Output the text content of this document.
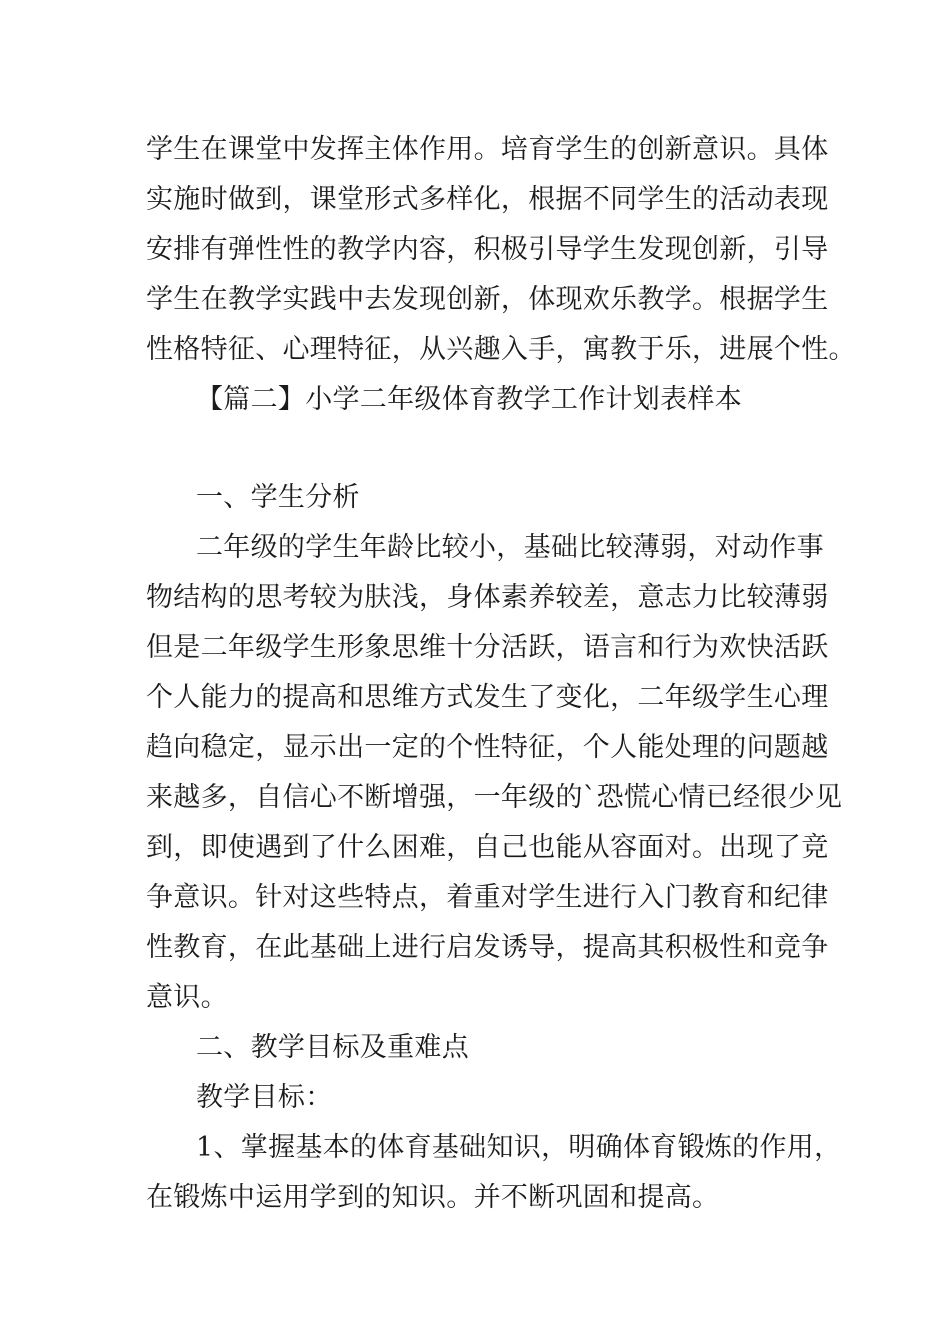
学生在课堂中发挥主体作用。培育学生的创新意识。具体
实施时做到，课堂形式多样化，根据不同学生的活动表现
安排有弹性性的教学内容，积极引导学生发现创新，引导
学生在教学实践中去发现创新，体现欢乐教学。根据学生
性格特征、心理特征，从兴趣入手，寓教于乐，进展个性。
【篇二】小学二年级体育教学工作计划表样本
一、学生分析
二年级的学生年龄比较小，基础比较薄弱，对动作事
物结构的思考较为肤浅，身体素养较差，意志力比较薄弱
但是二年级学生形象思维十分活跃，语言和行为欢快活跃
个人能力的提高和思维方式发生了变化，二年级学生心理
趋向稳定，显示出一定的个性特征，个人能处理的问题越
来越多，自信心不断增强，一年级的`恐慌心情已经很少见
到，即使遇到了什么困难，自己也能从容面对。出现了竞
争意识。针对这些特点，着重对学生进行入门教育和纪律
性教育，在此基础上进行启发诱导，提高其积极性和竞争
意识。
二、教学目标及重难点
教学目标：
1、掌握基本的体育基础知识，明确体育锻炼的作用，
在锻炼中运用学到的知识。并不断巩固和提高。
